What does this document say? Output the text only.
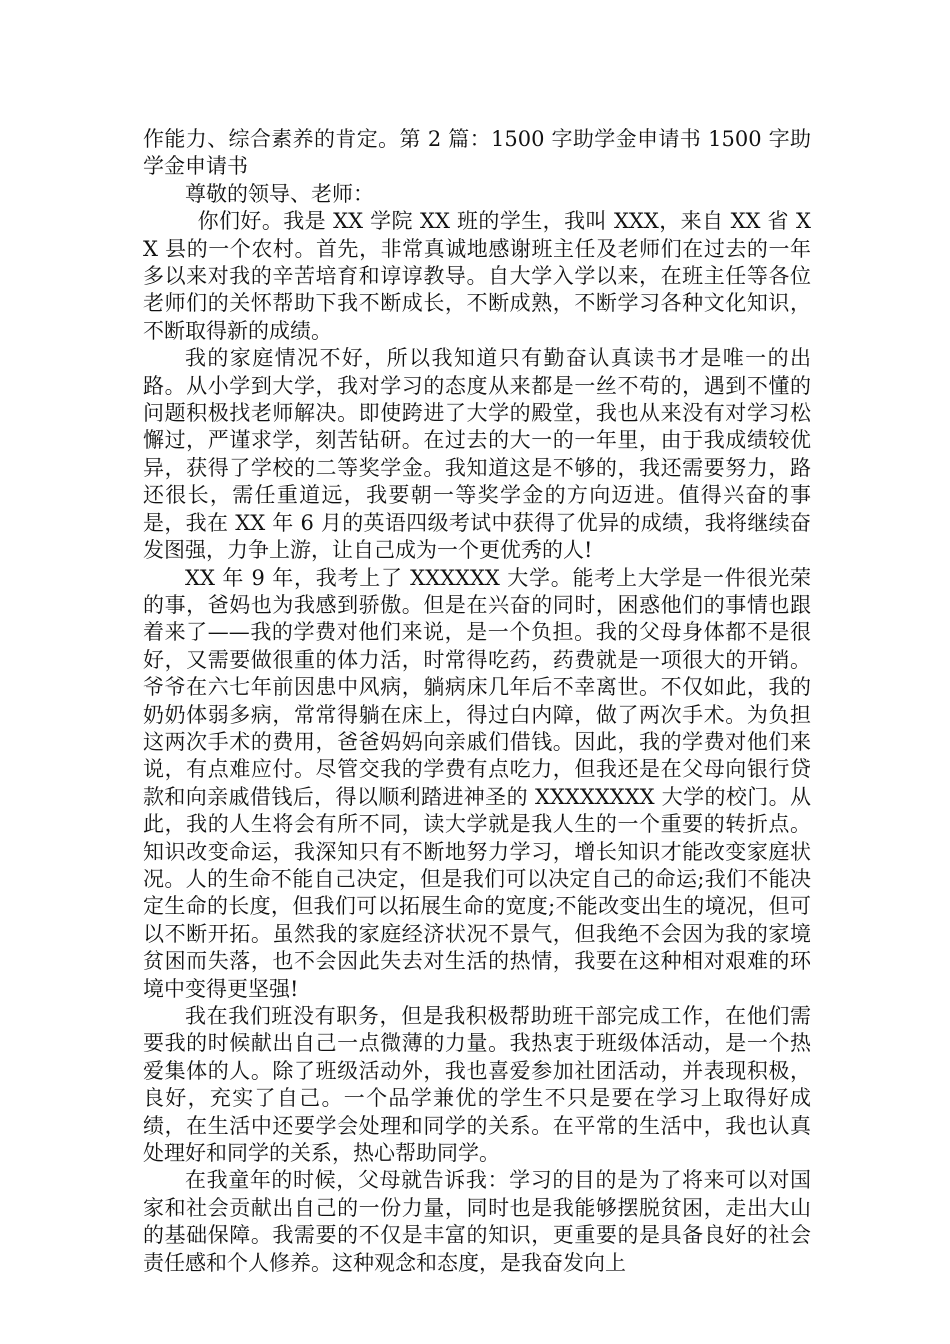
作能力、综合素养的肯定。第 2 篇：1500 字助学金申请书 1500 字助学金申请书

尊敬的领导、老师：

你们好。我是 XX 学院 XX 班的学生，我叫 XXX，来自 XX 省 XX 县的一个农村。首先，非常真诚地感谢班主任及老师们在过去的一年多以来对我的辛苦培育和谆谆教导。自大学入学以来，在班主任等各位老师们的关怀帮助下我不断成长，不断成熟，不断学习各种文化知识，不断取得新的成绩。

我的家庭情况不好，所以我知道只有勤奋认真读书才是唯一的出路。从小学到大学，我对学习的态度从来都是一丝不苟的，遇到不懂的问题积极找老师解决。即使跨进了大学的殿堂，我也从来没有对学习松懈过，严谨求学，刻苦钻研。在过去的大一的一年里，由于我成绩较优异，获得了学校的二等奖学金。我知道这是不够的，我还需要努力，路还很长，需任重道远，我要朝一等奖学金的方向迈进。值得兴奋的事是，我在 XX 年 6 月的英语四级考试中获得了优异的成绩，我将继续奋发图强，力争上游，让自己成为一个更优秀的人!

XX 年 9 年，我考上了 XXXXXX 大学。能考上大学是一件很光荣的事，爸妈也为我感到骄傲。但是在兴奋的同时，困惑他们的事情也跟着来了——我的学费对他们来说，是一个负担。我的父母身体都不是很好，又需要做很重的体力活，时常得吃药，药费就是一项很大的开销。爷爷在六七年前因患中风病，躺病床几年后不幸离世。不仅如此，我的奶奶体弱多病，常常得躺在床上，得过白内障，做了两次手术。为负担这两次手术的费用，爸爸妈妈向亲戚们借钱。因此，我的学费对他们来说，有点难应付。尽管交我的学费有点吃力，但我还是在父母向银行贷款和向亲戚借钱后，得以顺利踏进神圣的 XXXXXXXX 大学的校门。从此，我的人生将会有所不同，读大学就是我人生的一个重要的转折点。知识改变命运，我深知只有不断地努力学习，增长知识才能改变家庭状况。人的生命不能自己决定，但是我们可以决定自己的命运;我们不能决定生命的长度，但我们可以拓展生命的宽度;不能改变出生的境况，但可以不断开拓。虽然我的家庭经济状况不景气，但我绝不会因为我的家境贫困而失落，也不会因此失去对生活的热情，我要在这种相对艰难的环境中变得更坚强!

我在我们班没有职务，但是我积极帮助班干部完成工作，在他们需要我的时候献出自己一点微薄的力量。我热衷于班级体活动，是一个热爱集体的人。除了班级活动外，我也喜爱参加社团活动，并表现积极，良好，充实了自己。一个品学兼优的学生不只是要在学习上取得好成绩，在生活中还要学会处理和同学的关系。在平常的生活中，我也认真处理好和同学的关系，热心帮助同学。

在我童年的时候，父母就告诉我：学习的目的是为了将来可以对国家和社会贡献出自己的一份力量，同时也是我能够摆脱贫困，走出大山的基础保障。我需要的不仅是丰富的知识，更重要的是具备良好的社会责任感和个人修养。这种观念和态度，是我奋发向上
